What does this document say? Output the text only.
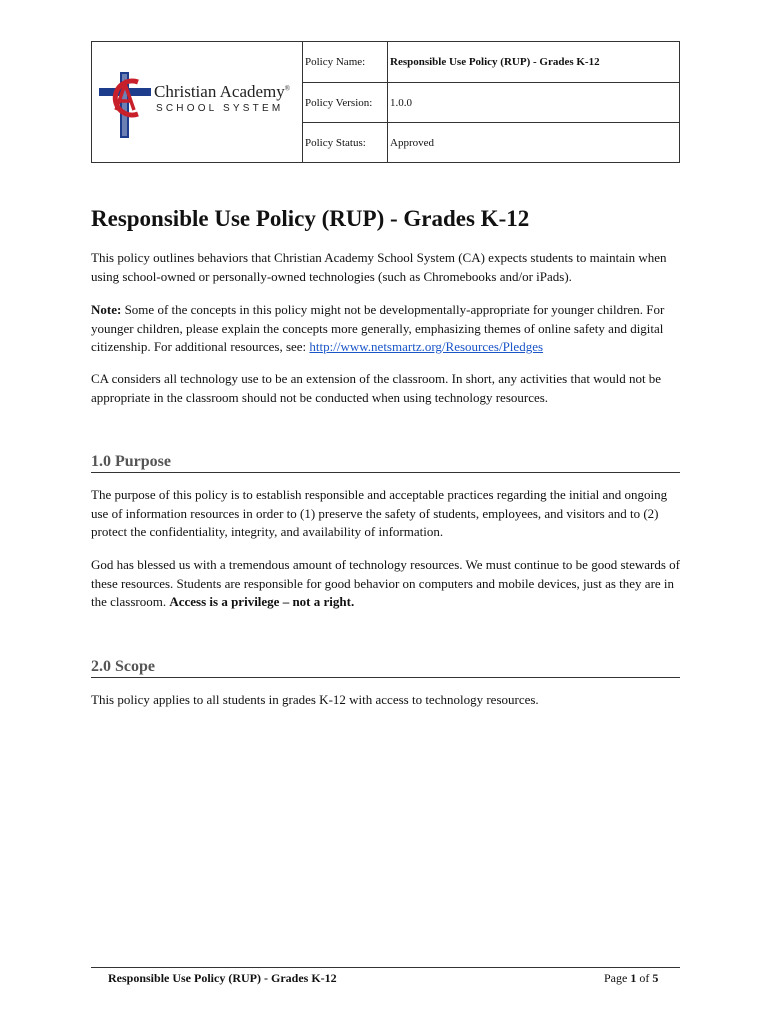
Christian Academy®
SCHOOL SYSTEM	Policy Name:	Responsible Use Policy (RUP) - Grades K-12
	Policy Version:	1.0.0
	Policy Status:	Approved
Responsible Use Policy (RUP) - Grades K-12

This policy outlines behaviors that Christian Academy School System (CA) expects students to maintain when using school-owned or personally-owned technologies (such as Chromebooks and/or iPads).

Note: Some of the concepts in this policy might not be developmentally-appropriate for younger children. For younger children, please explain the concepts more generally, emphasizing themes of online safety and digital citizenship. For additional resources, see: http://www.netsmartz.org/Resources/Pledges

CA considers all technology use to be an extension of the classroom. In short, any activities that would not be appropriate in the classroom should not be conducted when using technology resources.

1.0 Purpose

The purpose of this policy is to establish responsible and acceptable practices regarding the initial and ongoing use of information resources in order to (1) preserve the safety of students, employees, and visitors and to (2) protect the confidentiality, integrity, and availability of information.

God has blessed us with a tremendous amount of technology resources. We must continue to be good stewards of these resources. Students are responsible for good behavior on computers and mobile devices, just as they are in the classroom. Access is a privilege – not a right.

2.0 Scope

This policy applies to all students in grades K-12 with access to technology resources.

Responsible Use Policy (RUP) - Grades K-12	Page 1 of 5
